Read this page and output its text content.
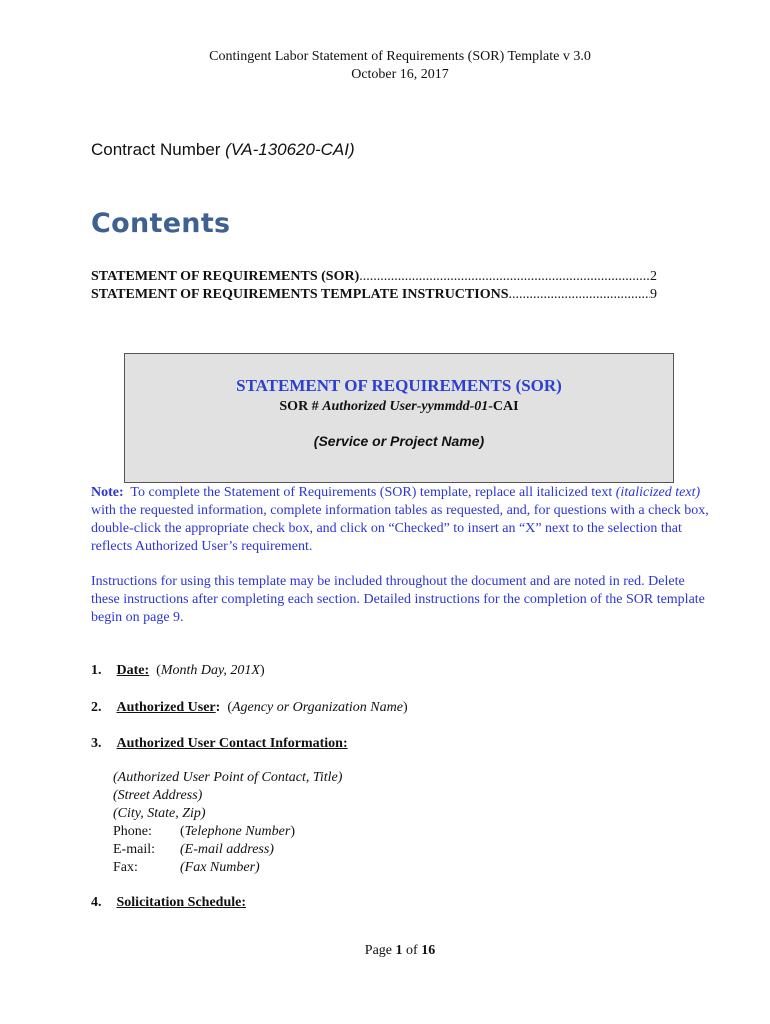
Contingent Labor Statement of Requirements (SOR) Template v 3.0
October 16, 2017
Contract Number (VA-130620-CAI)
Contents
STATEMENT OF REQUIREMENTS (SOR) .....	2
STATEMENT OF REQUIREMENTS TEMPLATE INSTRUCTIONS .....	9
STATEMENT OF REQUIREMENTS (SOR)
SOR # Authorized User-yymmdd-01-CAI
(Service or Project Name)
Note: To complete the Statement of Requirements (SOR) template, replace all italicized text (italicized text) with the requested information, complete information tables as requested, and, for questions with a check box, double-click the appropriate check box, and click on “Checked” to insert an “X” next to the selection that reflects Authorized User’s requirement.
Instructions for using this template may be included throughout the document and are noted in red. Delete these instructions after completing each section. Detailed instructions for the completion of the SOR template begin on page 9.
1. Date:  (Month Day, 201X)
2. Authorized User:  (Agency or Organization Name)
3. Authorized User Contact Information:
(Authorized User Point of Contact, Title)
(Street Address)
(City, State, Zip)
Phone:	(Telephone Number)
E-mail:	(E-mail address)
Fax:	(Fax Number)
4. Solicitation Schedule:
Page 1 of 16
